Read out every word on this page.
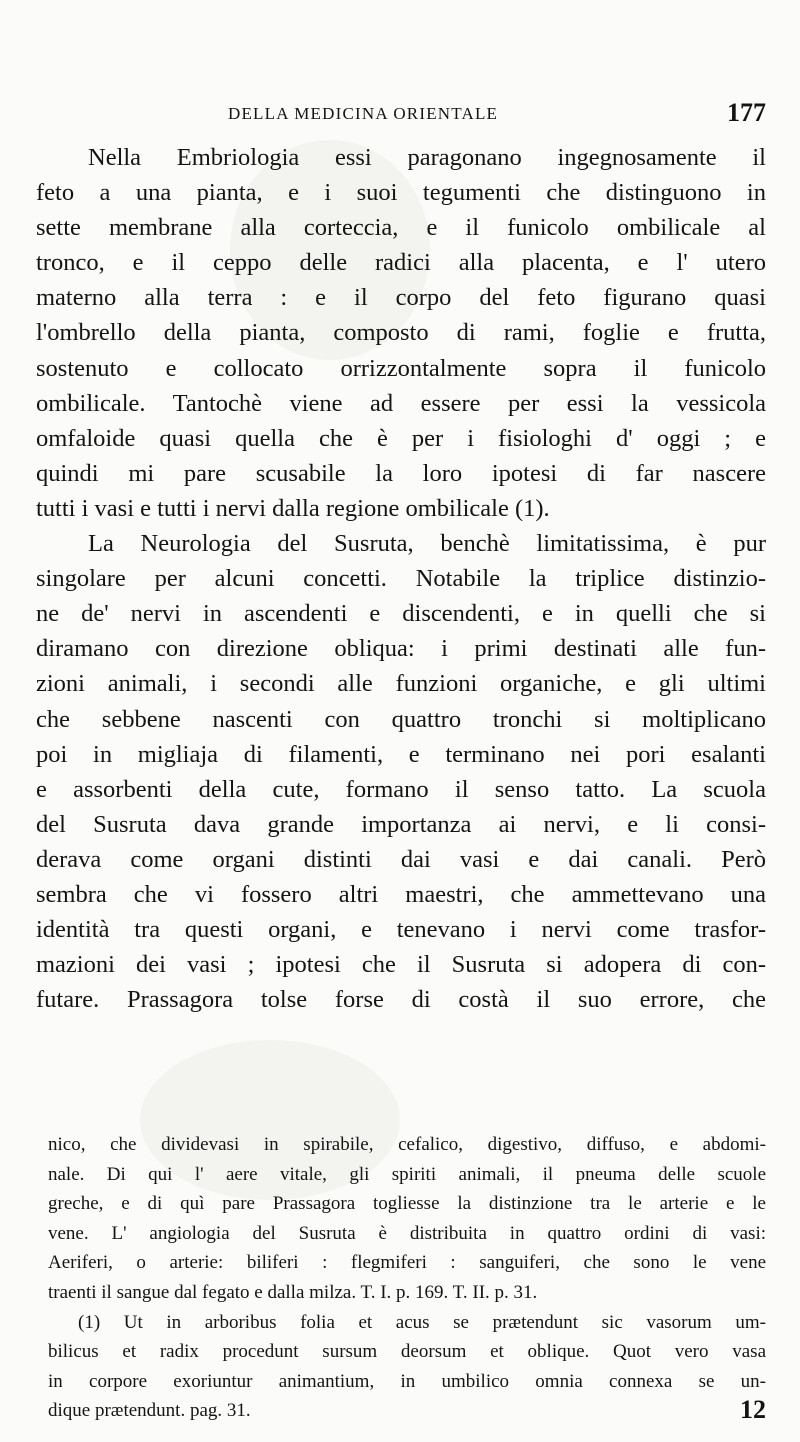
DELLA MEDICINA ORIENTALE	177
Nella Embriologia essi paragonano ingegnosamente il
feto a una pianta, e i suoi tegumenti che distinguono in
sette membrane alla corteccia, e il funicolo ombilicale al
tronco, e il ceppo delle radici alla placenta, e l' utero
materno alla terra : e il corpo del feto figurano quasi
l'ombrello della pianta, composto di rami, foglie e frutta,
sostenuto e collocato orrizzontalmente sopra il funicolo
ombilicale. Tantochè viene ad essere per essi la vessicola
omfaloide quasi quella che è per i fisiologhi d' oggi ; e
quindi mi pare scusabile la loro ipotesi di far nascere
tutti i vasi e tutti i nervi dalla regione ombilicale (1).
La Neurologia del Susruta, benchè limitatissima, è pur
singolare per alcuni concetti. Notabile la triplice distinzio-
ne de' nervi in ascendenti e discendenti, e in quelli che si
diramano con direzione obliqua: i primi destinati alle fun-
zioni animali, i secondi alle funzioni organiche, e gli ultimi
che sebbene nascenti con quattro tronchi si moltiplicano
poi in migliaja di filamenti, e terminano nei pori esalanti
e assorbenti della cute, formano il senso tatto. La scuola
del Susruta dava grande importanza ai nervi, e li consi-
derava come organi distinti dai vasi e dai canali. Però
sembra che vi fossero altri maestri, che ammettevano una
identità tra questi organi, e tenevano i nervi come trasfor-
mazioni dei vasi ; ipotesi che il Susruta si adopera di con-
futare. Prassagora tolse forse di costà il suo errore, che
nico, che dividevasi in spirabile, cefalico, digestivo, diffuso, e abdomi-
nale. Di qui l' aere vitale, gli spiriti animali, il pneuma delle scuole
greche, e di quì pare Prassagora togliesse la distinzione tra le arterie e le
vene. L' angiologia del Susruta è distribuita in quattro ordini di vasi:
Aeriferi, o arterie: biliferi : flegmiferi : sanguiferi, che sono le vene
traenti il sangue dal fegato e dalla milza. T. I. p. 169. T. II. p. 31.
(1) Ut in arboribus folia et acus se prætendunt sic vasorum um-
bilicus et radix procedunt sursum deorsum et oblique. Quot vero vasa
in corpore exoriuntur animantium, in umbilico omnia connexa se un-
dique prætendunt. pag. 31.	12
